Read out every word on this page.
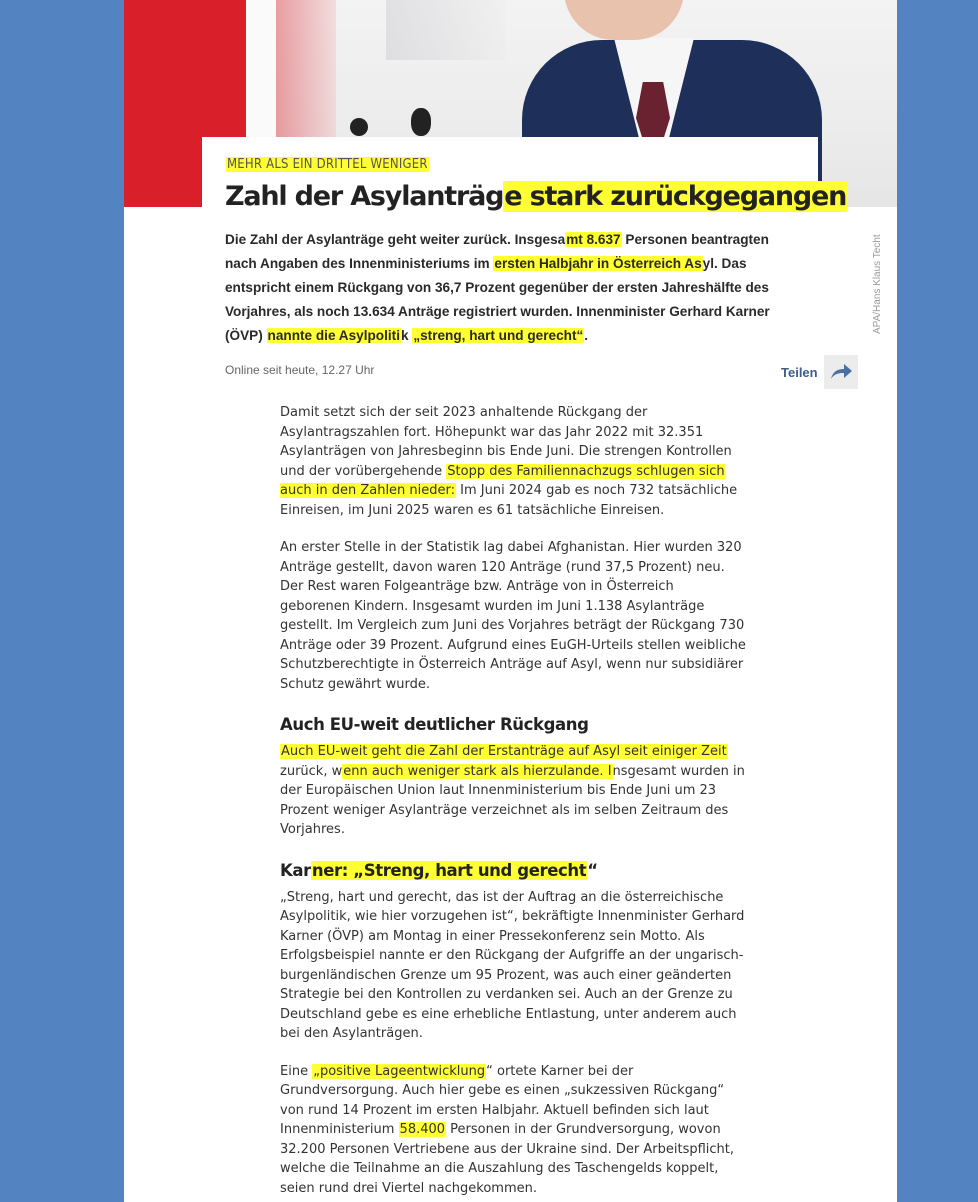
APA/Hans Klaus Techt
MEHR ALS EIN DRITTEL WENIGER
Zahl der Asylanträge stark zurückgegangen

Die Zahl der Asylanträge geht weiter zurück. Insgesamt 8.637 Personen beantragten nach Angaben des Innenministeriums im ersten Halbjahr in Österreich Asyl. Das entspricht einem Rückgang von 36,7 Prozent gegenüber der ersten Jahreshälfte des Vorjahres, als noch 13.634 Anträge registriert wurden. Innenminister Gerhard Karner (ÖVP) nannte die Asylpolitik „streng, hart und gerecht“.

Online seit heute, 12.27 Uhr	Teilen

Damit setzt sich der seit 2023 anhaltende Rückgang der Asylantragszahlen fort. Höhepunkt war das Jahr 2022 mit 32.351 Asylanträgen von Jahresbeginn bis Ende Juni. Die strengen Kontrollen und der vorübergehende Stopp des Familiennachzugs schlugen sich auch in den Zahlen nieder: Im Juni 2024 gab es noch 732 tatsächliche Einreisen, im Juni 2025 waren es 61 tatsächliche Einreisen.

An erster Stelle in der Statistik lag dabei Afghanistan. Hier wurden 320 Anträge gestellt, davon waren 120 Anträge (rund 37,5 Prozent) neu. Der Rest waren Folgeanträge bzw. Anträge von in Österreich geborenen Kindern. Insgesamt wurden im Juni 1.138 Asylanträge gestellt. Im Vergleich zum Juni des Vorjahres beträgt der Rückgang 730 Anträge oder 39 Prozent. Aufgrund eines EuGH-Urteils stellen weibliche Schutzberechtigte in Österreich Anträge auf Asyl, wenn nur subsidiärer Schutz gewährt wurde.

Auch EU-weit deutlicher Rückgang

Auch EU-weit geht die Zahl der Erstanträge auf Asyl seit einiger Zeit zurück, wenn auch weniger stark als hierzulande. Insgesamt wurden in der Europäischen Union laut Innenministerium bis Ende Juni um 23 Prozent weniger Asylanträge verzeichnet als im selben Zeitraum des Vorjahres.

Karner: „Streng, hart und gerecht“

„Streng, hart und gerecht, das ist der Auftrag an die österreichische Asylpolitik, wie hier vorzugehen ist“, bekräftigte Innenminister Gerhard Karner (ÖVP) am Montag in einer Pressekonferenz sein Motto. Als Erfolgsbeispiel nannte er den Rückgang der Aufgriffe an der ungarisch-burgenländischen Grenze um 95 Prozent, was auch einer geänderten Strategie bei den Kontrollen zu verdanken sei. Auch an der Grenze zu Deutschland gebe es eine erhebliche Entlastung, unter anderem auch bei den Asylanträgen.

Eine „positive Lageentwicklung“ ortete Karner bei der Grundversorgung. Auch hier gebe es einen „sukzessiven Rückgang“ von rund 14 Prozent im ersten Halbjahr. Aktuell befinden sich laut Innenministerium 58.400 Personen in der Grundversorgung, wovon 32.200 Personen Vertriebene aus der Ukraine sind. Der Arbeitspflicht, welche die Teilnahme an die Auszahlung des Taschengelds koppelt, seien rund drei Viertel nachgekommen.
